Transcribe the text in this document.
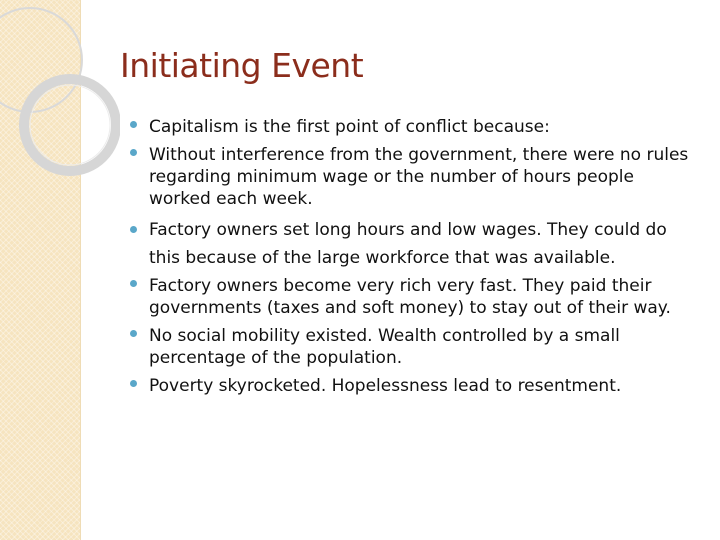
Initiating Event
Capitalism is the first point of conflict because:
Without interference from the government, there were no rules regarding minimum wage or the number of hours people worked each week.
Factory owners set long hours and low wages. They could do this because of the large workforce that was available.
Factory owners become very rich very fast. They paid their governments (taxes and soft money) to stay out of their way.
No social mobility existed. Wealth controlled by a small percentage of the population.
Poverty skyrocketed. Hopelessness lead to resentment.
